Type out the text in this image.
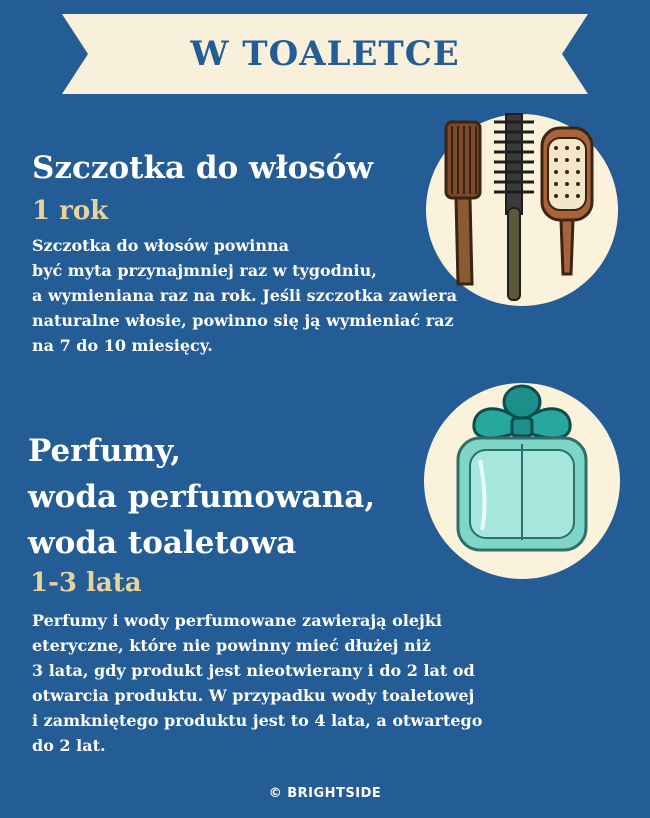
W TOALETCE
Szczotka do włosów
1 rok

Szczotka do włosów powinna
być myta przynajmniej raz w tygodniu,
a wymieniana raz na rok. Jeśli szczotka zawiera
naturalne włosie, powinno się ją wymieniać raz
na 7 do 10 miesięcy.

Perfumy,
woda perfumowana,
woda toaletowa
1-3 lata

Perfumy i wody perfumowane zawierają olejki
eteryczne, które nie powinny mieć dłużej niż
3 lata, gdy produkt jest nieotwierany i do 2 lat od
otwarcia produktu. W przypadku wody toaletowej
i zamkniętego produktu jest to 4 lata, a otwartego
do 2 lat.

© BRIGHTSIDE
